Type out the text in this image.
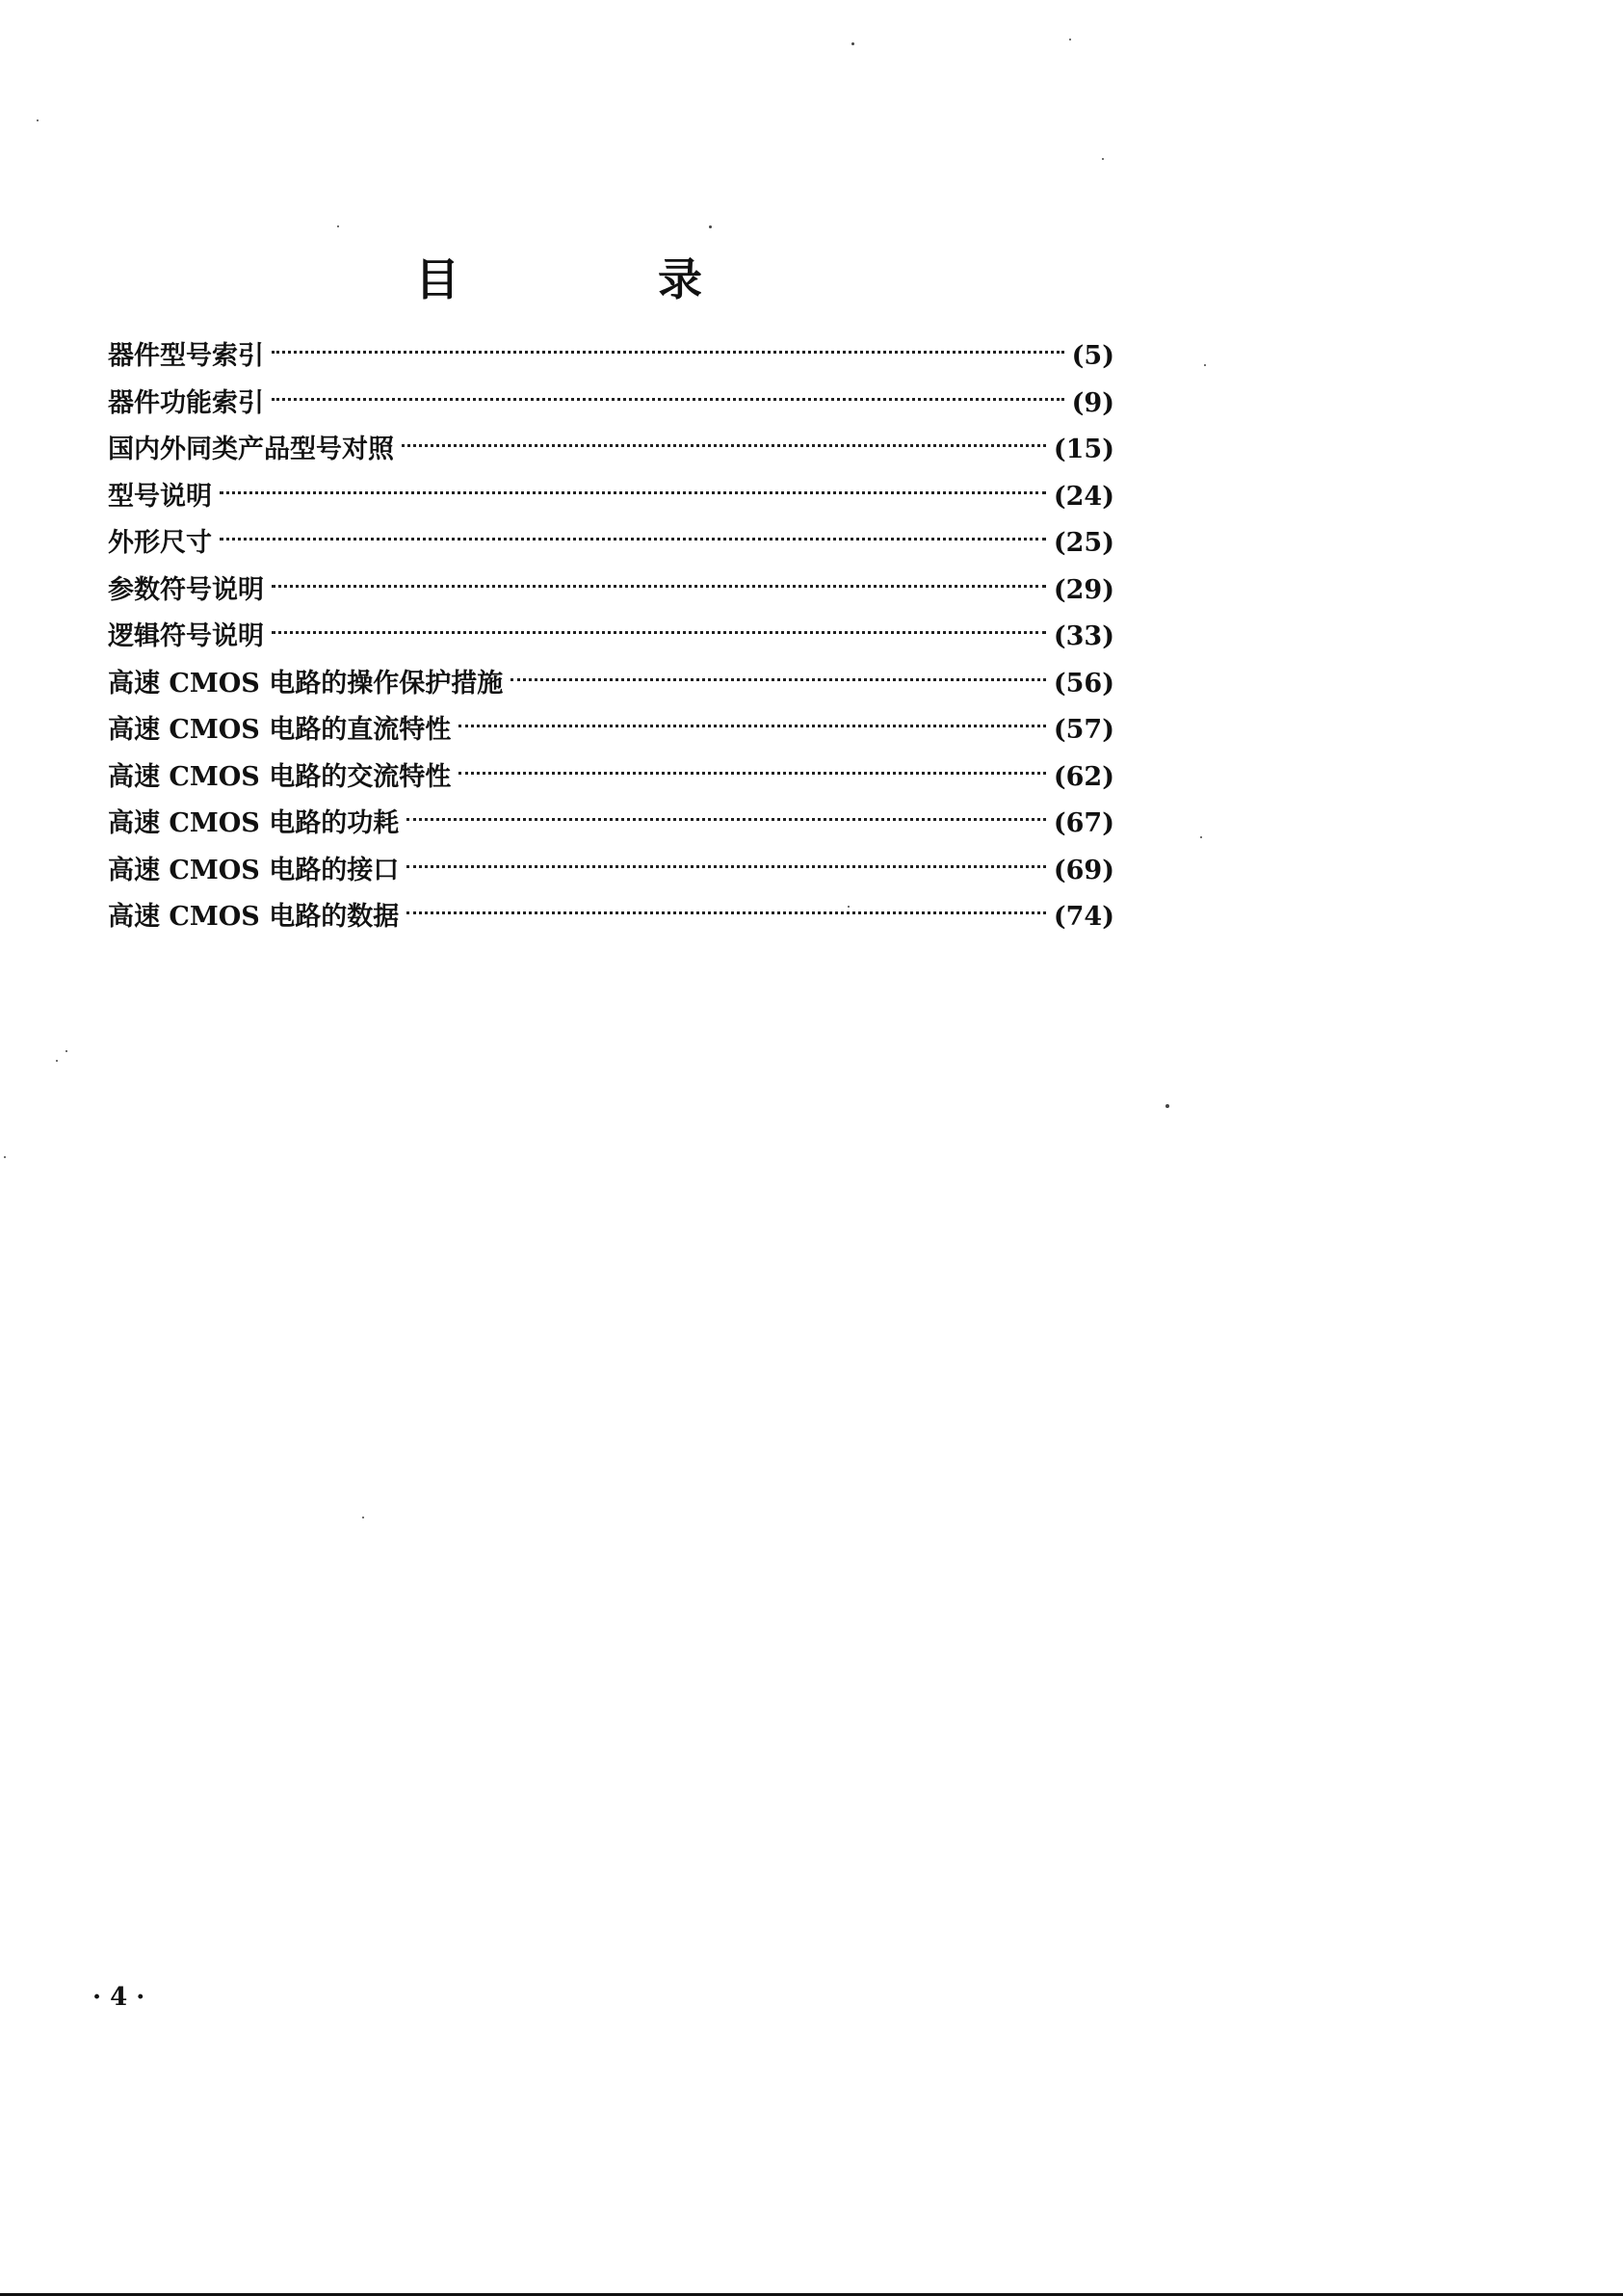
目　录
器件型号索引	(5)
器件功能索引	(9)
国内外同类产品型号对照	(15)
型号说明	(24)
外形尺寸	(25)
参数符号说明	(29)
逻辑符号说明	(33)
高速 CMOS 电路的操作保护措施	(56)
高速 CMOS 电路的直流特性	(57)
高速 CMOS 电路的交流特性	(62)
高速 CMOS 电路的功耗	(67)
高速 CMOS 电路的接口	(69)
高速 CMOS 电路的数据	(74)
· 4 ·
